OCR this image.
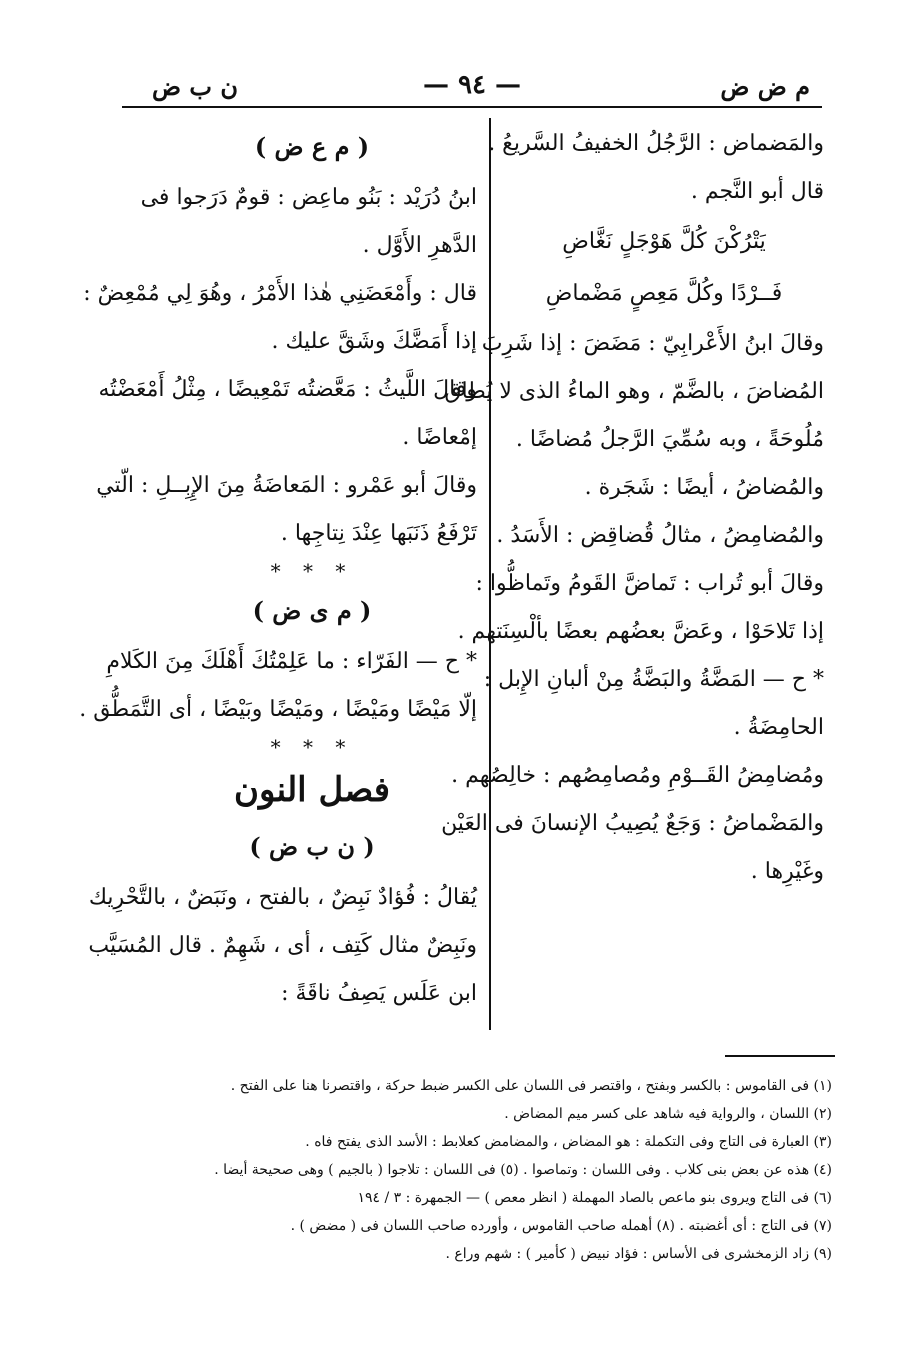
م ض ض
— ٩٤ —
ن ب ض
والمَضماض : الرَّجُلُ الخفيفُ السَّريعُ .
قال أبو النَّجم .
يَتْرُكْنَ كُلَّ هَوْجَلٍ نَغَّاضِ
فَــرْدًا وكُلَّ مَعِصٍ مَضْماضِ
وقالَ ابنُ الأَعْرابِيّ : مَضَضَ : إذا شَرِبَ
المُضاضَ ، بالضَّمّ ، وهو الماءُ الذى لا يُطاق
مُلُوحَةً ، وبه سُمِّيَ الرَّجلُ مُضاضًا .
والمُضاضُ ، أيضًا : شَجَرة .
والمُضامِضُ ، مثالُ قُضاقِض : الأَسَدُ .
وقالَ أبو تُراب : تَماضَّ القَومُ وتَماظُّوا :
إذا تَلاحَوْا ، وعَضَّ بعضُهم بعضًا بألْسِنَتهم .
* ح — المَضَّةُ والبَضَّةُ مِنْ ألبانِ الإِبل :
الحامِضَةُ .
ومُضامِضُ القَــوْمِ ومُصامِصُهم : خالِصُهم .
والمَضْماضُ : وَجَعٌ يُصِيبُ الإنسانَ فى العَيْن
وغَيْرِها .
( م ع ض )
ابنُ دُرَيْد : بَنُو ماعِض : قومٌ دَرَجوا فى
الدَّهرِ الأَوَّل .
قال : وأَمْعَضَنِي هٰذا الأَمْرُ ، وهُوَ لِي مُمْعِضٌ :
إذا أَمَضَّكَ وشَقَّ عليك .
وقالَ اللَّيثُ : مَعَّضتُه تَمْعِيضًا ، مِثْلُ أَمْعَضْتُه
إمْعاضًا .
وقالَ أبو عَمْرو : المَعاضَةُ مِنَ الإِبِــلِ : الّتي
تَرْفَعُ ذَنَبَها عِنْدَ نِتاجِها .
* * *
( م ى ض )
* ح — الفَرّاء : ما عَلِمْتُكَ أَهْلَكَ مِنَ الكَلامِ
إلّا مَيْضًا ومَيْضًا ، ومَيْضًا وبَيْضًا ، أى التَّمَطُّق .
* * *
فصل النون
( ن ب ض )
يُقالُ : فُؤادٌ نَبِضٌ ، بالفتح ، ونَبَضٌ ، بالتَّحْرِيك
ونَبِضٌ مثال كَتِف ، أى ، شَهِمٌ . قال المُسَيَّب
ابن عَلَس يَصِفُ ناقَةً :
(١) فى القاموس : بالكسر وبفتح ، واقتصر فى اللسان على الكسر ضبط حركة ، واقتصرنا هنا على الفتح .
(٢) اللسان ، والرواية فيه شاهد على كسر ميم المضاض .
(٣) العبارة فى التاج وفى التكملة : هو المضاض ، والمضامض كعلابط : الأسد الذى يفتح فاه .
(٤) هذه عن بعض بنى كلاب . وفى اللسان : وتماصوا . (٥) فى اللسان : تلاجوا ( بالجيم ) وهى صحيحة أيضا .
(٦) فى التاج ويروى بنو ماعص بالصاد المهملة ( انظر معص ) — الجمهرة : ٣ / ١٩٤
(٧) فى التاج : أى أغضبته . (٨) أهمله صاحب القاموس ، وأورده صاحب اللسان فى ( مضض ) .
(٩) زاد الزمخشرى فى الأساس : فؤاد نبيض ( كأمير ) : شهم وراع .
